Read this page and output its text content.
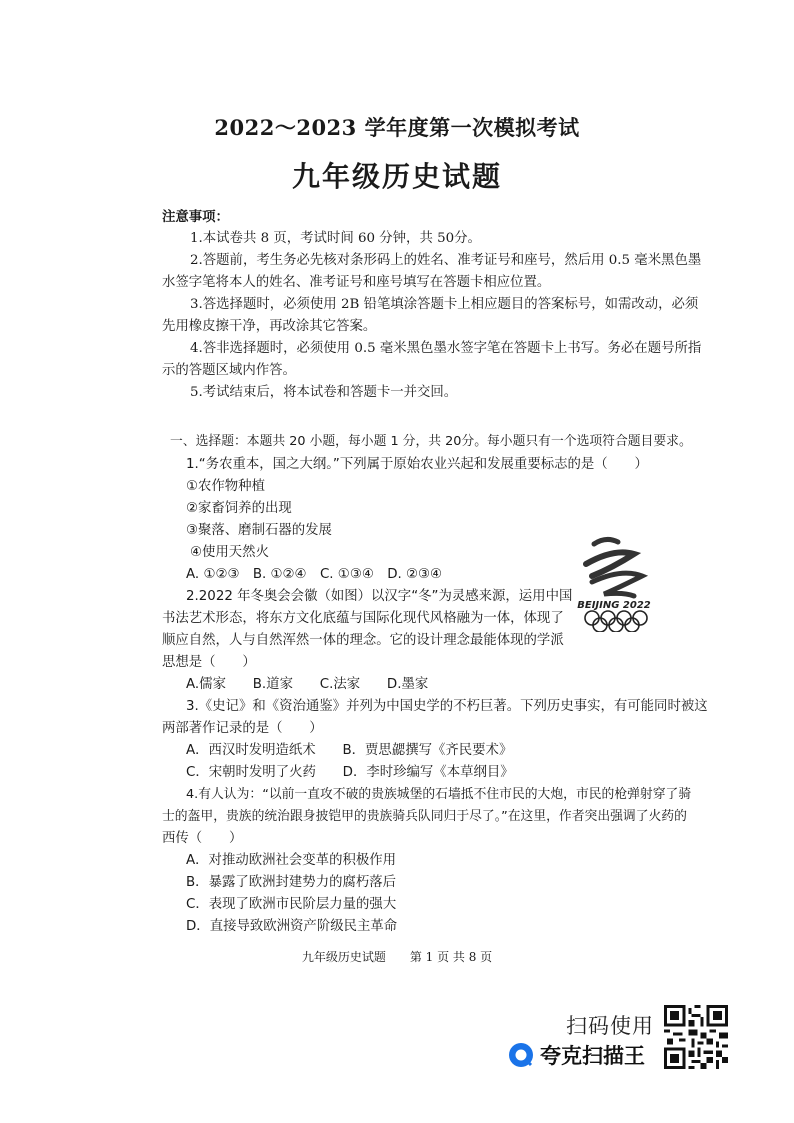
2022～2023 学年度第一次模拟考试
九年级历史试题
注意事项：
1.本试卷共 8 页，考试时间 60 分钟，共 50分。
2.答题前，考生务必先核对条形码上的姓名、准考证号和座号，然后用 0.5 毫米黑色墨
水签字笔将本人的姓名、准考证号和座号填写在答题卡相应位置。
3.答选择题时，必须使用 2B 铅笔填涂答题卡上相应题目的答案标号，如需改动，必须
先用橡皮擦干净，再改涂其它答案。
4.答非选择题时，必须使用 0.5 毫米黑色墨水签字笔在答题卡上书写。务必在题号所指
示的答题区域内作答。
5.考试结束后，将本试卷和答题卡一并交回。
一、选择题：本题共 20 小题，每小题 1 分，共 20分。每小题只有一个选项符合题目要求。
1.“务农重本，国之大纲。”下列属于原始农业兴起和发展重要标志的是（　　）
①农作物种植
②家畜饲养的出现
③聚落、磨制石器的发展
④使用天然火
A. ①②③　B. ①②④　C. ①③④　D. ②③④
2.2022 年冬奥会会徽（如图）以汉字“冬”为灵感来源，运用中国
书法艺术形态，将东方文化底蕴与国际化现代风格融为一体，体现了
顺应自然，人与自然浑然一体的理念。它的设计理念最能体现的学派
思想是（　　）
A.儒家　　B.道家　　C.法家　　D.墨家
BEIJING 2022
3.《史记》和《资治通鉴》并列为中国史学的不朽巨著。下列历史事实，有可能同时被这
两部著作记录的是（　　）
A．西汉时发明造纸术　　B．贾思勰撰写《齐民要术》
C．宋朝时发明了火药　　D．李时珍编写《本草纲目》
4.有人认为：“以前一直攻不破的贵族城堡的石墙抵不住市民的大炮，市民的枪弹射穿了骑
士的盔甲，贵族的统治跟身披铠甲的贵族骑兵队同归于尽了。”在这里，作者突出强调了火药的
西传（　　）
A．对推动欧洲社会变革的积极作用
B．暴露了欧洲封建势力的腐朽落后
C．表现了欧洲市民阶层力量的强大
D．直接导致欧洲资产阶级民主革命
九年级历史试题　　第 1 页 共 8 页
扫码使用
夸克扫描王
